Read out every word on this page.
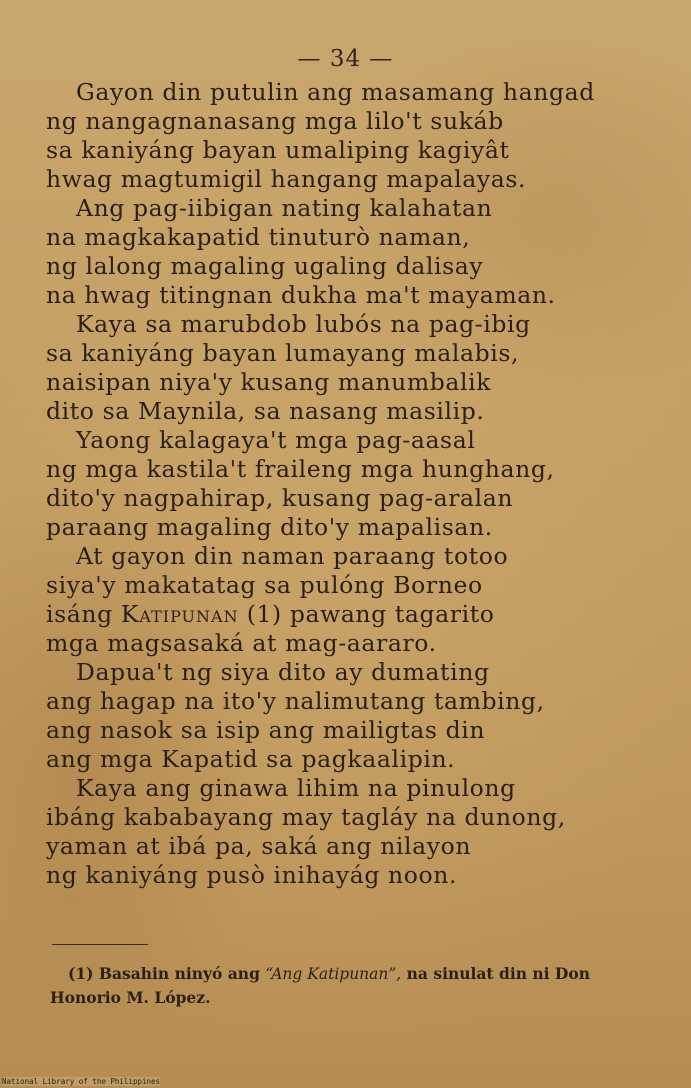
— 34 —
Gayon din putulin ang masamang hangad
ng nangagnanasang mga lilo't sukáb
sa kaniyáng bayan umaliping kagiyât
hwag magtumigil hangang mapalayas.
Ang pag-iibigan nating kalahatan
na magkakapatid tinuturò naman,
ng lalong magaling ugaling dalisay
na hwag titingnan dukha ma't mayaman.
Kaya sa marubdob lubós na pag-ibig
sa kaniyáng bayan lumayang malabis,
naisipan niya'y kusang manumbalik
dito sa Maynila, sa nasang masilip.
Yaong kalagaya't mga pag-aasal
ng mga kastila't fraileng mga hunghang,
dito'y nagpahirap, kusang pag-aralan
paraang magaling dito'y mapalisan.
At gayon din naman paraang totoo
siya'y makatatag sa pulóng Borneo
isáng Katipunan (1) pawang tagarito
mga magsasaká at mag-aararo.
Dapua't ng siya dito ay dumating
ang hagap na ito'y nalimutang tambing,
ang nasok sa isip ang mailigtas din
ang mga Kapatid sa pagkaalipin.
Kaya ang ginawa lihim na pinulong
ibáng kababayang may tagláy na dunong,
yaman at ibá pa, saká ang nilayon
ng kaniyáng pusò inihayág noon.
(1) Basahin ninyó ang “Ang Katipunan”, na sinulat din ni Don
Honorio M. López.
National Library of the Philippines
